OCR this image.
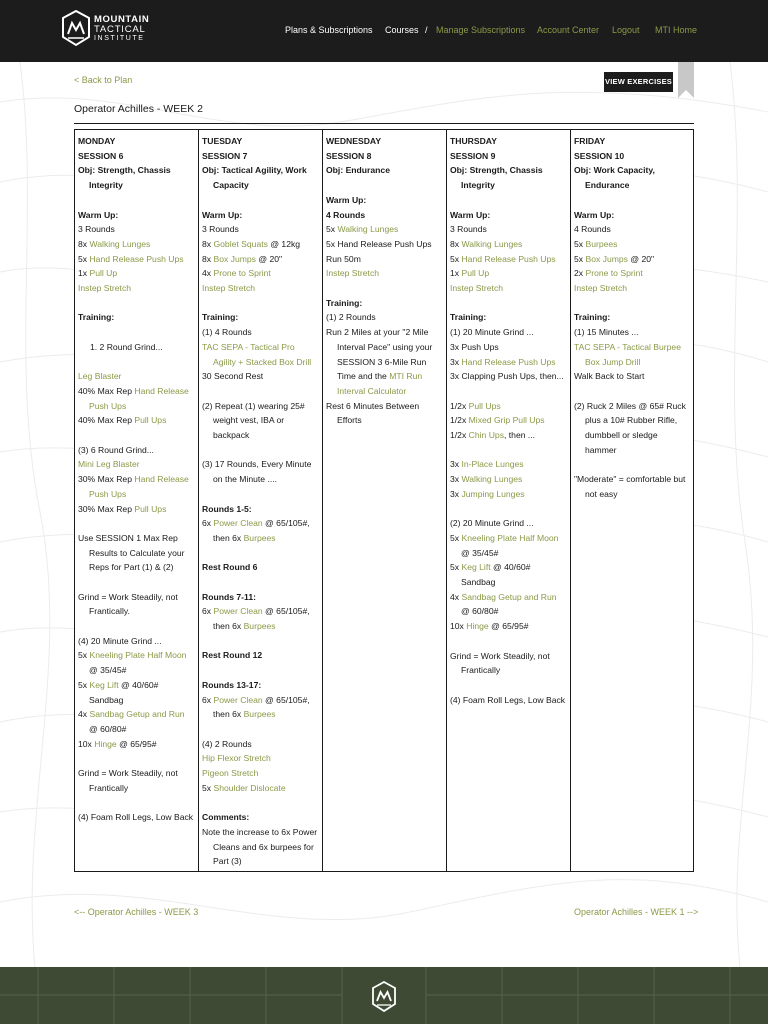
MOUNTAIN
TACTICAL
INSTITUTE
Plans & Subscriptions Courses / Manage Subscriptions Account Center Logout MTI Home
< Back to Plan	VIEW EXERCISES
Operator Achilles - WEEK 2
MONDAY
SESSION 6
Obj: Strength, Chassis Integrity
Warm Up:
3 Rounds
8x Walking Lunges
5x Hand Release Push Ups
1x Pull Up
Instep Stretch
Training:
1. 2 Round Grind...
Leg Blaster
40% Max Rep Hand Release Push Ups
40% Max Rep Pull Ups
(3) 6 Round Grind...
Mini Leg Blaster
30% Max Rep Hand Release Push Ups
30% Max Rep Pull Ups
Use SESSION 1 Max Rep Results to Calculate your Reps for Part (1) & (2)
Grind = Work Steadily, not Frantically.
(4) 20 Minute Grind ...
5x Kneeling Plate Half Moon @ 35/45#
5x Keg Lift @ 40/60# Sandbag
4x Sandbag Getup and Run @ 60/80#
10x Hinge @ 65/95#
Grind = Work Steadily, not Frantically
(4) Foam Roll Legs, Low Back
TUESDAY
SESSION 7
Obj: Tactical Agility, Work Capacity
Warm Up:
3 Rounds
8x Goblet Squats @ 12kg
8x Box Jumps @ 20"
4x Prone to Sprint
Instep Stretch
Training:
(1) 4 Rounds
TAC SEPA - Tactical Pro Agility + Stacked Box Drill
30 Second Rest
(2) Repeat (1) wearing 25# weight vest, IBA or backpack
(3) 17 Rounds, Every Minute on the Minute ....
Rounds 1-5:
6x Power Clean @ 65/105#, then 6x Burpees
Rest Round 6
Rounds 7-11:
6x Power Clean @ 65/105#, then 6x Burpees
Rest Round 12
Rounds 13-17:
6x Power Clean @ 65/105#, then 6x Burpees
(4) 2 Rounds
Hip Flexor Stretch
Pigeon Stretch
5x Shoulder Dislocate
Comments:
Note the increase to 6x Power Cleans and 6x burpees for Part (3)
WEDNESDAY
SESSION 8
Obj: Endurance
Warm Up:
4 Rounds
5x Walking Lunges
5x Hand Release Push Ups
Run 50m
Instep Stretch
Training:
(1) 2 Rounds
Run 2 Miles at your "2 Mile Interval Pace" using your SESSION 3 6-Mile Run Time and the MTI Run Interval Calculator
Rest 6 Minutes Between Efforts
THURSDAY
SESSION 9
Obj: Strength, Chassis Integrity
Warm Up:
3 Rounds
8x Walking Lunges
5x Hand Release Push Ups
1x Pull Up
Instep Stretch
Training:
(1) 20 Minute Grind ...
3x Push Ups
3x Hand Release Push Ups
3x Clapping Push Ups, then...
1/2x Pull Ups
1/2x Mixed Grip Pull Ups
1/2x Chin Ups, then ...
3x In-Place Lunges
3x Walking Lunges
3x Jumping Lunges
(2) 20 Minute Grind ...
5x Kneeling Plate Half Moon @ 35/45#
5x Keg Lift @ 40/60# Sandbag
4x Sandbag Getup and Run @ 60/80#
10x Hinge @ 65/95#
Grind = Work Steadily, not Frantically
(4) Foam Roll Legs, Low Back
FRIDAY
SESSION 10
Obj: Work Capacity, Endurance
Warm Up:
4 Rounds
5x Burpees
5x Box Jumps @ 20"
2x Prone to Sprint
Instep Stretch
Training:
(1) 15 Minutes ...
TAC SEPA - Tactical Burpee Box Jump Drill
Walk Back to Start
(2) Ruck 2 Miles @ 65# Ruck plus a 10# Rubber Rifle, dumbbell or sledge hammer
"Moderate" = comfortable but not easy
<-- Operator Achilles - WEEK 3	Operator Achilles - WEEK 1 -->
